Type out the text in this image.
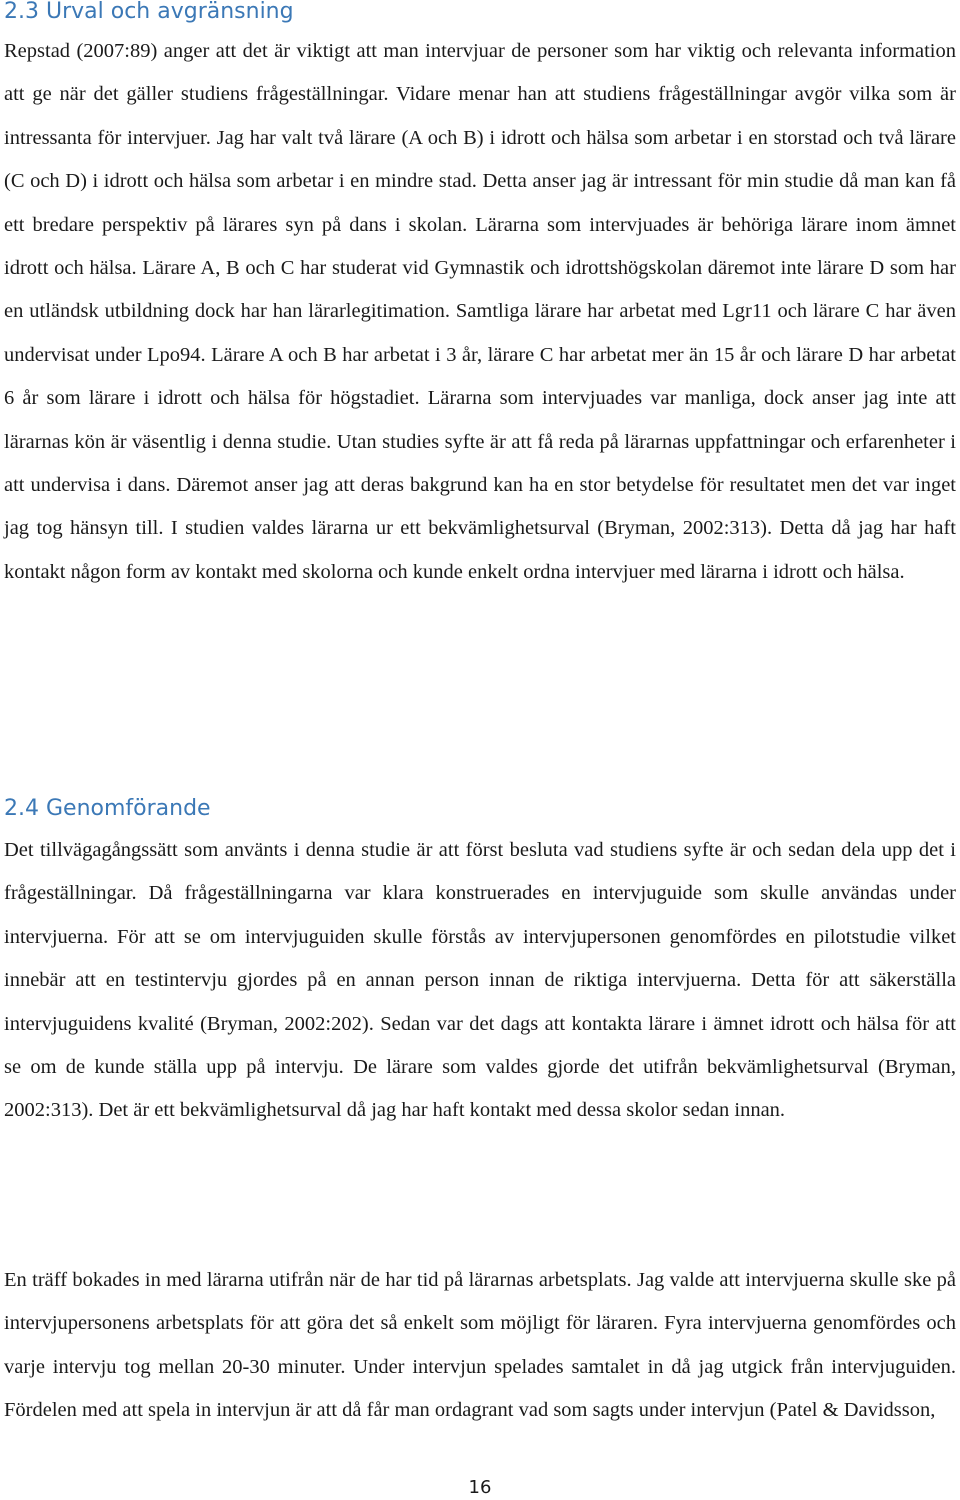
2.3 Urval och avgränsning

Repstad (2007:89) anger att det är viktigt att man intervjuar de personer som har viktig och relevanta information att ge när det gäller studiens frågeställningar. Vidare menar han att studiens frågeställningar avgör vilka som är intressanta för intervjuer. Jag har valt två lärare (A och B) i idrott och hälsa som arbetar i en storstad och två lärare (C och D) i idrott och hälsa som arbetar i en mindre stad. Detta anser jag är intressant för min studie då man kan få ett bredare perspektiv på lärares syn på dans i skolan. Lärarna som intervjuades är behöriga lärare inom ämnet idrott och hälsa. Lärare A, B och C har studerat vid Gymnastik och idrottshögskolan däremot inte lärare D som har en utländsk utbildning dock har han lärarlegitimation. Samtliga lärare har arbetat med Lgr11 och lärare C har även undervisat under Lpo94. Lärare A och B har arbetat i 3 år, lärare C har arbetat mer än 15 år och lärare D har arbetat 6 år som lärare i idrott och hälsa för högstadiet. Lärarna som intervjuades var manliga, dock anser jag inte att lärarnas kön är väsentlig i denna studie. Utan studies syfte är att få reda på lärarnas uppfattningar och erfarenheter i att undervisa i dans. Däremot anser jag att deras bakgrund kan ha en stor betydelse för resultatet men det var inget jag tog hänsyn till. I studien valdes lärarna ur ett bekvämlighetsurval (Bryman, 2002:313). Detta då jag har haft kontakt någon form av kontakt med skolorna och kunde enkelt ordna intervjuer med lärarna i idrott och hälsa.

2.4 Genomförande

Det tillvägagångssätt som använts i denna studie är att först besluta vad studiens syfte är och sedan dela upp det i frågeställningar. Då frågeställningarna var klara konstruerades en intervjuguide som skulle användas under intervjuerna. För att se om intervjuguiden skulle förstås av intervjupersonen genomfördes en pilotstudie vilket innebär att en testintervju gjordes på en annan person innan de riktiga intervjuerna. Detta för att säkerställa intervjuguidens kvalité (Bryman, 2002:202). Sedan var det dags att kontakta lärare i ämnet idrott och hälsa för att se om de kunde ställa upp på intervju. De lärare som valdes gjorde det utifrån bekvämlighetsurval (Bryman, 2002:313). Det är ett bekvämlighetsurval då jag har haft kontakt med dessa skolor sedan innan.

En träff bokades in med lärarna utifrån när de har tid på lärarnas arbetsplats. Jag valde att intervjuerna skulle ske på intervjupersonens arbetsplats för att göra det så enkelt som möjligt för läraren. Fyra intervjuerna genomfördes och varje intervju tog mellan 20-30 minuter. Under intervjun spelades samtalet in då jag utgick från intervjuguiden. Fördelen med att spela in intervjun är att då får man ordagrant vad som sagts under intervjun (Patel & Davidsson,

16
